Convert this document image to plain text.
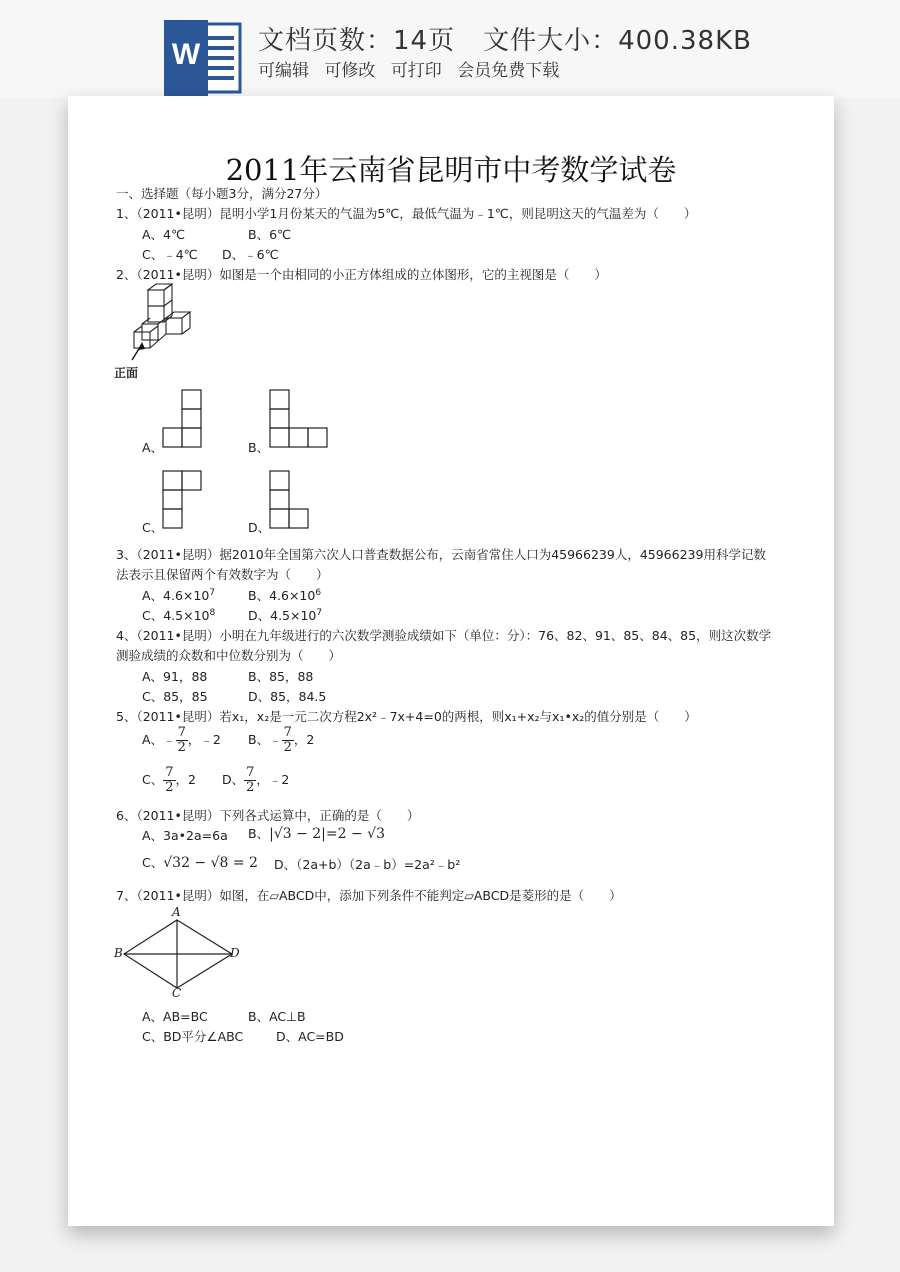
W	文档页数：14页 文件大小：400.38KB
可编辑 可修改 可打印 会员免费下载
2011年云南省昆明市中考数学试卷
一、选择题（每小题3分，满分27分）
1、（2011•昆明）昆明小学1月份某天的气温为5℃，最低气温为﹣1℃，则昆明这天的气温差为（　　）
A、4℃	B、6℃
C、﹣4℃ D、﹣6℃
2、（2011•昆明）如图是一个由相同的小正方体组成的立体图形，它的主视图是（　　）
正面
A、	B、
C、	D、
3、（2011•昆明）据2010年全国第六次人口普查数据公布，云南省常住人口为45966239人，45966239用科学记数
法表示且保留两个有效数字为（　　）
A、$4.6\times 10^7$	B、$4.6\times 10^6$
C、$4.5\times 10^8$	D、$4.5\times 10^7$
4、（2011•昆明）小明在九年级进行的六次数学测验成绩如下（单位：分）：76、82、91、85、84、85，则这次数学
测验成绩的众数和中位数分别为（　　）
A、91，88	B、85，88
C、85，85	D、85，84.5
5、（2011•昆明）若x₁，x₂是一元二次方程2x²﹣7x+4=0的两根，则x₁+x₂与x₁•x₂的值分别是（　　）
A、﹣ $\frac{7}{2}$ ，﹣2 B、﹣ $\frac{7}{2}$ ，2
C、 $\frac{7}{2}$ ，2 D、 $\frac{7}{2}$ ，﹣2
6、（2011•昆明）下列各式运算中，正确的是（　　）
A、3a•2a=6a B、|√3 − 2|=2 − √3
C、√32 − √8 = 2 D、（2a+b）（2a﹣b）=2a²﹣b²
7、（2011•昆明）如图，在▱ABCD中，添加下列条件不能判定▱ABCD是菱形的是（　　）
A
B
C
D
A、AB=BC	B、AC⊥B
C、BD平分∠ABC	D、AC=BD
